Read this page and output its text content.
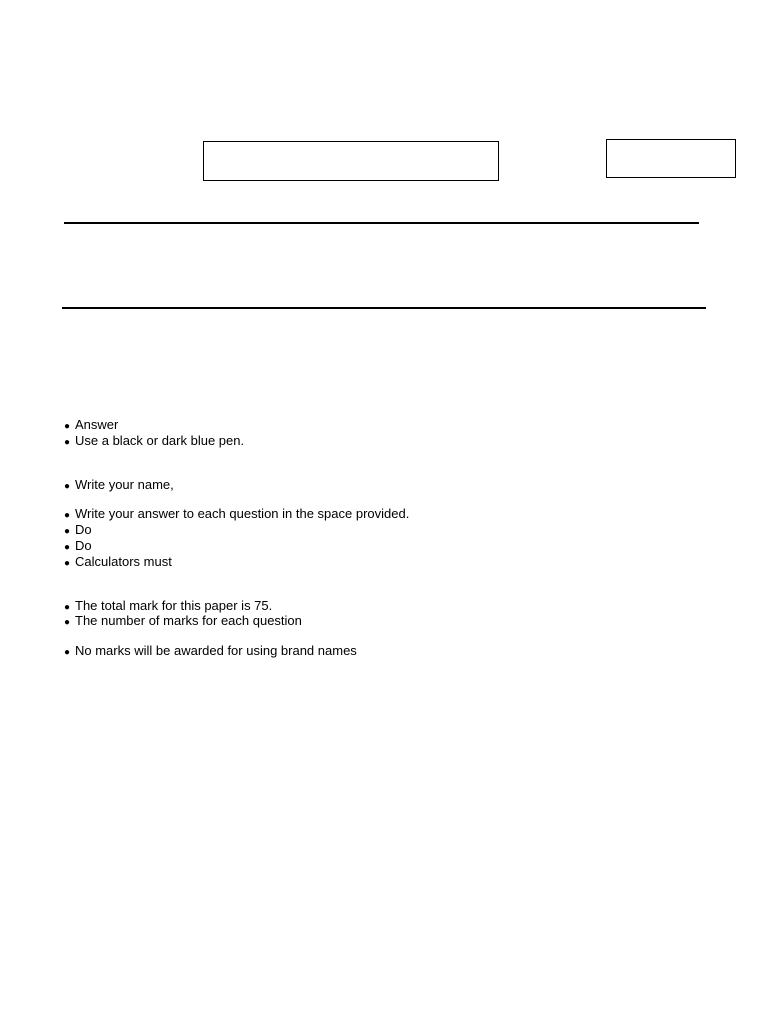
● Answer
● Use a black or dark blue pen.
● Write your name,
● Write your answer to each question in the space provided.
● Do
● Do
● Calculators must
● The total mark for this paper is 75.
● The number of marks for each question
● No marks will be awarded for using brand names
